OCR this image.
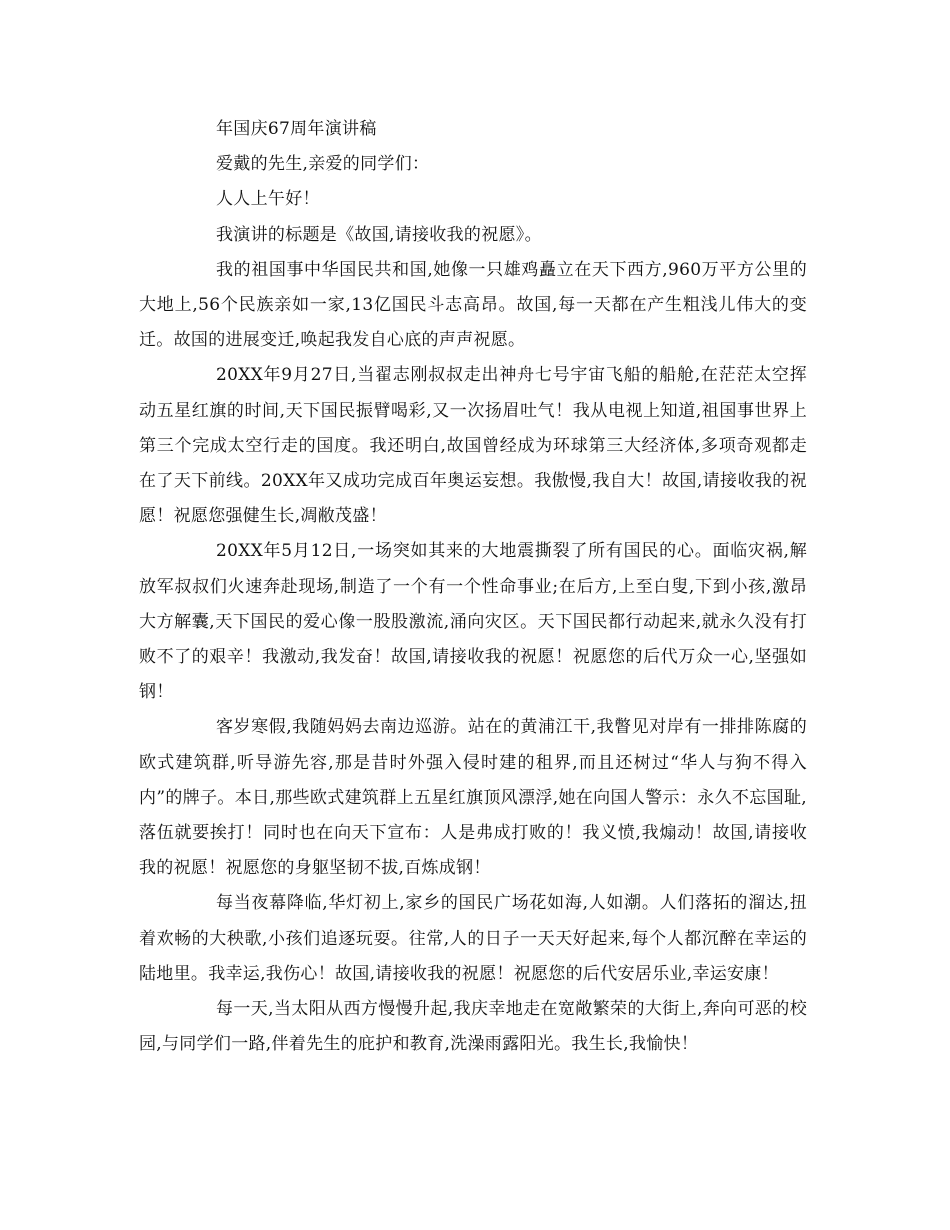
年国庆67周年演讲稿

爱戴的先生,亲爱的同学们：

人人上午好！

我演讲的标题是《故国,请接收我的祝愿》。

我的祖国事中华国民共和国,她像一只雄鸡矗立在天下西方,960万平方公里的大地上,56个民族亲如一家,13亿国民斗志高昂。故国,每一天都在产生粗浅儿伟大的变迁。故国的进展变迁,唤起我发自心底的声声祝愿。

20XX年9月27日,当翟志刚叔叔走出神舟七号宇宙飞船的船舱,在茫茫太空挥动五星红旗的时间,天下国民振臂喝彩,又一次扬眉吐气！我从电视上知道,祖国事世界上第三个完成太空行走的国度。我还明白,故国曾经成为环球第三大经济体,多项奇观都走在了天下前线。20XX年又成功完成百年奥运妄想。我傲慢,我自大！故国,请接收我的祝愿！祝愿您强健生长,凋敝茂盛！

20XX年5月12日,一场突如其来的大地震撕裂了所有国民的心。面临灾祸,解放军叔叔们火速奔赴现场,制造了一个有一个性命事业;在后方,上至白叟,下到小孩,激昂大方解囊,天下国民的爱心像一股股激流,涌向灾区。天下国民都行动起来,就永久没有打败不了的艰辛！我激动,我发奋！故国,请接收我的祝愿！祝愿您的后代万众一心,坚强如钢！

客岁寒假,我随妈妈去南边巡游。站在的黄浦江干,我瞥见对岸有一排排陈腐的欧式建筑群,听导游先容,那是昔时外强入侵时建的租界,而且还树过“华人与狗不得入内”的牌子。本日,那些欧式建筑群上五星红旗顶风漂浮,她在向国人警示：永久不忘国耻,落伍就要挨打！同时也在向天下宣布：人是弗成打败的！我义愤,我煽动！故国,请接收我的祝愿！祝愿您的身躯坚韧不拔,百炼成钢！

每当夜幕降临,华灯初上,家乡的国民广场花如海,人如潮。人们落拓的溜达,扭着欢畅的大秧歌,小孩们追逐玩耍。往常,人的日子一天天好起来,每个人都沉醉在幸运的陆地里。我幸运,我伤心！故国,请接收我的祝愿！祝愿您的后代安居乐业,幸运安康！

每一天,当太阳从西方慢慢升起,我庆幸地走在宽敞繁荣的大街上,奔向可恶的校园,与同学们一路,伴着先生的庇护和教育,洗澡雨露阳光。我生长,我愉快！
